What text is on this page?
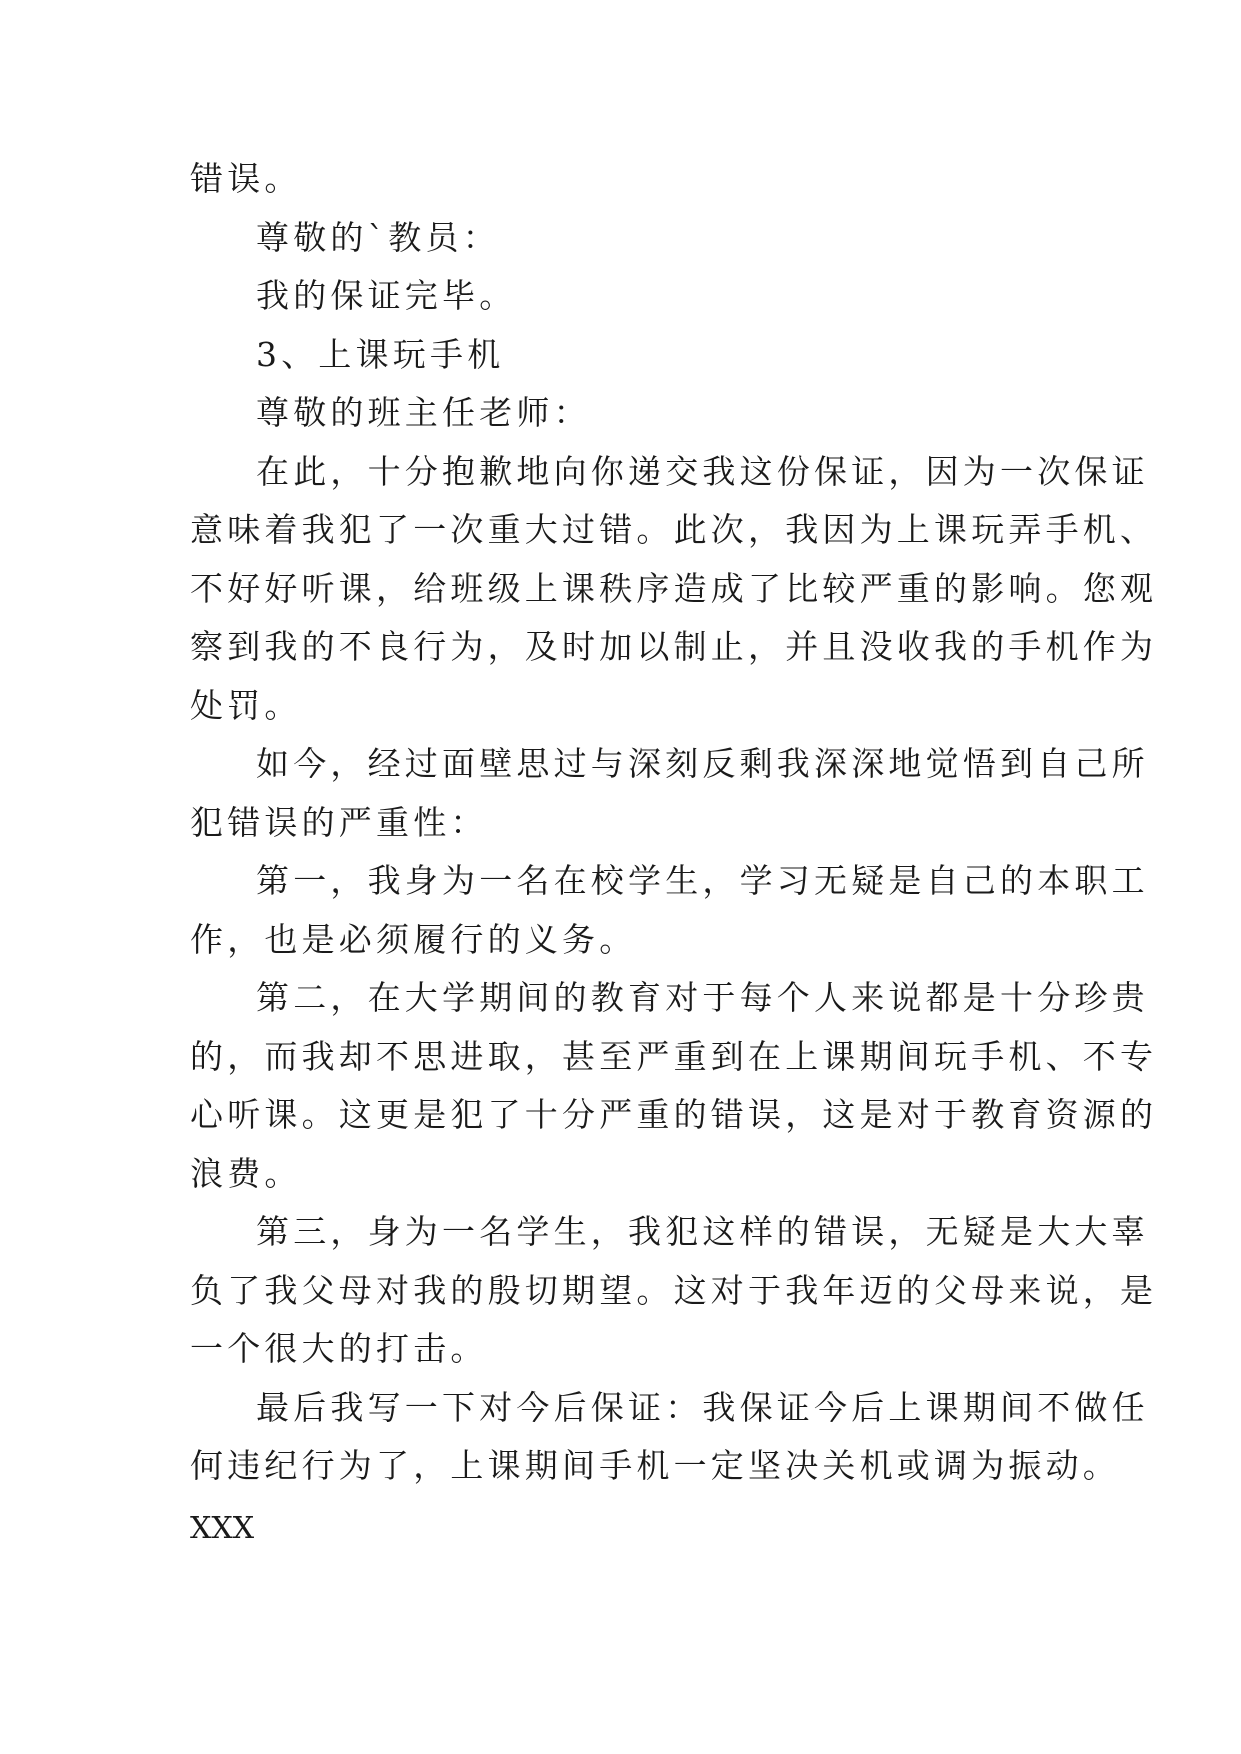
错误。
尊敬的`教员：
我的保证完毕。
3、上课玩手机
尊敬的班主任老师：
在此，十分抱歉地向你递交我这份保证，因为一次保证
意味着我犯了一次重大过错。此次，我因为上课玩弄手机、
不好好听课，给班级上课秩序造成了比较严重的影响。您观
察到我的不良行为，及时加以制止，并且没收我的手机作为
处罚。
如今，经过面壁思过与深刻反剩我深深地觉悟到自己所
犯错误的严重性：
第一，我身为一名在校学生，学习无疑是自己的本职工
作，也是必须履行的义务。
第二，在大学期间的教育对于每个人来说都是十分珍贵
的，而我却不思进取，甚至严重到在上课期间玩手机、不专
心听课。这更是犯了十分严重的错误，这是对于教育资源的
浪费。
第三，身为一名学生，我犯这样的错误，无疑是大大辜
负了我父母对我的殷切期望。这对于我年迈的父母来说，是
一个很大的打击。
最后我写一下对今后保证：我保证今后上课期间不做任
何违纪行为了，上课期间手机一定坚决关机或调为振动。
XXX
